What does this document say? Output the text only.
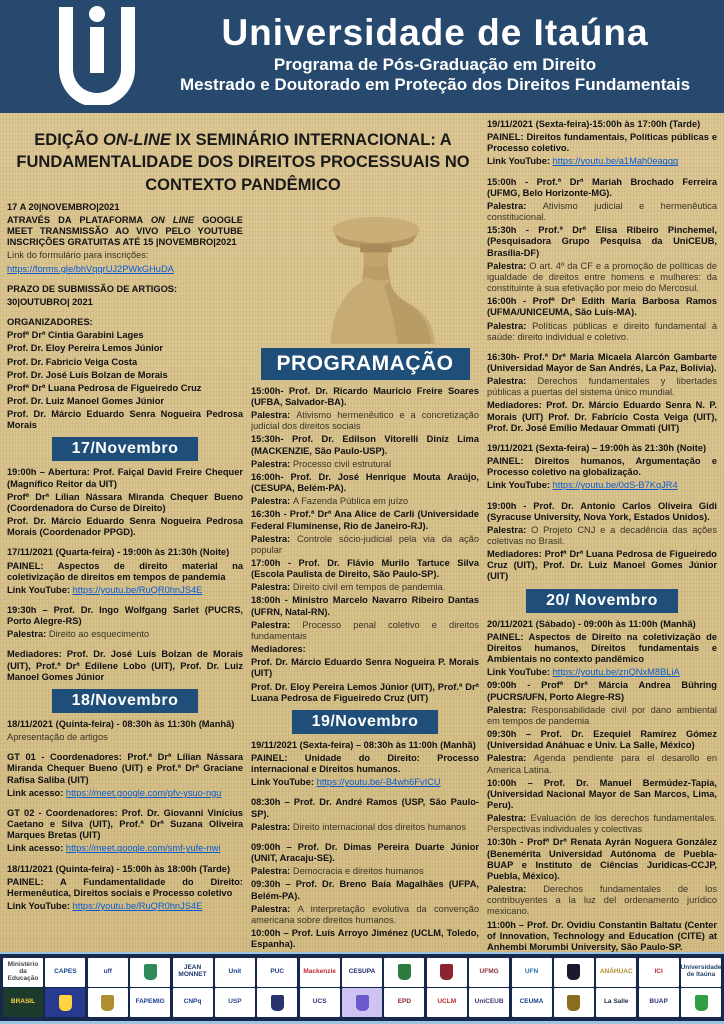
Universidade de Itaúna
Programa de Pós-Graduação em Direito
Mestrado e Doutorado em Proteção dos Direitos Fundamentais
EDIÇÃO ON-LINE IX SEMINÁRIO INTERNACIONAL: A FUNDAMENTALIDADE DOS DIREITOS PROCESSUAIS NO CONTEXTO PANDÊMICO
17 A 20|NOVEMBRO|2021
ATRAVÉS DA PLATAFORMA ON LINE GOOGLE MEET TRANSMISSÃO AO VIVO PELO YOUTUBE INSCRIÇÕES GRATUITAS ATÉ 15 |NOVEMBRO|2021
Link do formulário para inscrições:
https://forms.gle/bhVqqrUJ2PWkGHuDA
PRAZO DE SUBMISSÃO DE ARTIGOS:
30|OUTUBRO| 2021
ORGANIZADORES:
Profª Drª Cintia Garabini Lages
Prof. Dr. Eloy Pereira Lemos Júnior
Prof. Dr. Fabricio Veiga Costa
Prof. Dr. José Luís Bolzan de Morais
Profª Drª Luana Pedrosa de Figueiredo Cruz
Prof. Dr. Luiz Manoel Gomes Júnior
Prof. Dr. Márcio Eduardo Senra Nogueira Pedrosa Morais
17/Novembro
19:00h – Abertura: Prof. Faiçal David Freire Chequer (Magnífico Reitor da UIT)
Profª Drª Lílian Nássara Miranda Chequer Bueno (Coordenadora do Curso de Direito)
Prof. Dr. Márcio Eduardo Senra Nogueira Pedrosa Morais (Coordenador PPGD).
17/11/2021 (Quarta-feira) - 19:00h às 21:30h (Noite)
PAINEL: Aspectos de direito material na coletivização de direitos em tempos de pandemia
Link YouTube: https://youtu.be/RuQR0hnJS4E
19:30h – Prof. Dr. Ingo Wolfgang Sarlet (PUCRS, Porto Alegre-RS)
Palestra: Direito ao esquecimento
Mediadores: Prof. Dr. José Luís Bolzan de Morais (UIT), Prof.ª Drª Edilene Lobo (UIT), Prof. Dr. Luiz Manoel Gomes Júnior
18/Novembro
18/11/2021 (Quinta-feira) - 08:30h às 11:30h (Manhã)
Apresentação de artigos
GT 01 - Coordenadores: Prof.ª Drª Lílian Nássara Miranda Chequer Bueno (UIT) e Prof.ª Drª Graciane Rafisa Saliba (UIT)
Link acesso: https://meet.google.com/pfv-ysuo-ngu
GT 02 - Coordenadores: Prof. Dr. Giovanni Vinícius Caetano e Silva (UIT), Prof.ª Drª Suzana Oliveira Marques Bretas (UIT)
Link acesso: https://meet.google.com/smf-yufe-nwi
18/11/2021 (Quinta-feira) - 15:00h às 18:00h (Tarde)
PAINEL: A Fundamentalidade do Direito: Hermenêutica, Direitos sociais e Processo coletivo
Link YouTube: https://youtu.be/RuQR0hnJS4E
PROGRAMAÇÃO
15:00h- Prof. Dr. Ricardo Maurício Freire Soares (UFBA, Salvador-BA).
Palestra: Ativismo hermenêutico e a concretização judicial dos direitos sociais
15:30h- Prof. Dr. Edilson Vitorelli Diniz Lima (MACKENZIE, São Paulo-USP).
Palestra: Processo civil estrutural
16:00h- Prof. Dr. José Henrique Mouta Araújo, (CESUPA, Belém-PA).
Palestra: A Fazenda Pública em juízo
16:30h - Prof.ª Drª Ana Alice de Carli (Universidade Federal Fluminense, Rio de Janeiro-RJ).
Palestra: Controle sócio-judicial pela via da ação popular
17:00h - Prof. Dr. Flávio Murilo Tartuce Silva (Escola Paulista de Direito, São Paulo-SP).
Palestra: Direito civil em tempos de pandemia.
18:00h - Ministro Marcelo Navarro Ribeiro Dantas (UFRN, Natal-RN).
Palestra: Processo penal coletivo e direitos fundamentais
Mediadores:
Prof. Dr. Márcio Eduardo Senra Nogueira P. Morais (UIT)
Prof. Dr. Eloy Pereira Lemos Júnior (UIT), Prof.ª Drª Luana Pedrosa de Figueiredo Cruz (UIT)
19/Novembro
19/11/2021 (Sexta-feira) – 08:30h às 11:00h (Manhã)
PAINEL: Unidade do Direito: Processo internacional e Direitos humanos.
Link YouTube: https://youtu.be/-B4wh6FvICU
08:30h – Prof. Dr. André Ramos (USP, São Paulo-SP).
Palestra: Direito internacional dos direitos humanos
09:00h – Prof. Dr. Dimas Pereira Duarte Júnior (UNIT, Aracaju-SE).
Palestra: Democracia e direitos humanos
09:30h – Prof. Dr. Breno Baía Magalhães (UFPA, Belém-PA).
Palestra: A interpretação evolutiva da convenção americana sobre direitos humanos.
10:00h – Prof. Luís Arroyo Jiménez (UCLM, Toledo, Espanha).
19/11/2021 (Sexta-feira)-15:00h às 17:00h (Tarde)
PAINEL: Direitos fundamentais, Políticas públicas e Processo coletivo.
Link YouTube: https://youtu.be/a1Mah0eagqg
15:00h - Prof.ª Drª Mariah Brochado Ferreira (UFMG, Belo Horizonte-MG).
Palestra: Ativismo judicial e hermenêutica constitucional.
15:30h - Prof.ª Drª Elisa Ribeiro Pinchemel, (Pesquisadora Grupo Pesquisa da UniCEUB, Brasília-DF)
Palestra: O art. 4º da CF e a promoção de políticas de igualdade de direitos entre homens e mulheres: da constituinte à sua efetivação por meio do Mercosul.
16:00h - Profª Drª Edith Maria Barbosa Ramos (UFMA/UNICEUMA, São Luís-MA).
Palestra: Políticas públicas e direito fundamental à saúde: direito individual e coletivo.
16:30h- Prof.ª Drª Maria Micaela Alarcón Gambarte (Universidad Mayor de San Andrés, La Paz, Bolívia).
Palestra: Derechos fundamentales y libertades públicas a puertas del sistema único mundial.
Mediadores: Prof. Dr. Márcio Eduardo Senra N. P. Morais (UIT) Prof. Dr. Fabrício Costa Veiga (UIT), Prof. Dr. José Emílio Medauar Ommati (UIT)
19/11/2021 (Sexta-feira) – 19:00h às 21:30h (Noite)
PAINEL: Direitos humanos, Argumentação e Processo coletivo na globalização.
Link YouTube: https://youtu.be/0dS-B7KqJR4
19:00h - Prof. Dr. Antonio Carlos Oliveira Gidi (Syracuse University, Nova York, Estados Unidos).
Palestra: O Projeto CNJ e a decadência das ações coletivas no Brasil.
Mediadores: Profª Drª Luana Pedrosa de Figueiredo Cruz (UIT), Prof. Dr. Luiz Manoel Gomes Júnior (UIT)
20/ Novembro
20/11/2021 (Sábado) - 09:00h às 11:00h (Manhã)
PAINEL: Aspectos de Direito na coletivização de Direitos humanos, Direitos fundamentais e Ambientais no contexto pandêmico
Link YouTube: https://youtu.be/znQNxM8BLiA
09:00h - Profª Drª Márcia Andrea Bühring (PUCRS/UFN, Porto Alegre-RS)
Palestra: Responsabilidade civil por dano ambiental em tempos de pandemia
09:30h – Prof. Dr. Ezequiel Ramírez Gómez (Universidad Anáhuac e Univ. La Salle, México)
Palestra: Agenda pendiente para el desarollo en America Latina.
10:00h – Prof. Dr. Manuel Bermúdez-Tapia, (Universidad Nacional Mayor de San Marcos, Lima, Peru).
Palestra: Evaluación de los derechos fundamentales. Perspectivas individuales y colectivas
10:30h - Profª Drª Renata Ayrán Noguera González (Benemérita Universidad Autónoma de Puebla-BUAP e Instituto de Ciências Juridicas-CCJP, Puebla, México).
Palestra: Derechos fundamentales de los contribuyentes a la luz del ordenamento jurídico mexicano.
11:00h – Prof. Dr. Ovidiu Constantin Baltatu (Center of Innovation, Technology and Education (CITE) at Anhembi Morumbi University, São Paulo-SP.
Ministério da Educação
CAPES	uff	JEAN MONNET	Unit	PUC	Mackenzie	CESUPA	UFMG	UFN	ANÁHUAC	ICI	Universidade de Itaúna
BRASIL	FAPEMIG	CNPq	USP	UCS	EPD	UCLM	UniCEUB	CEUMA	La Salle	BUAP
